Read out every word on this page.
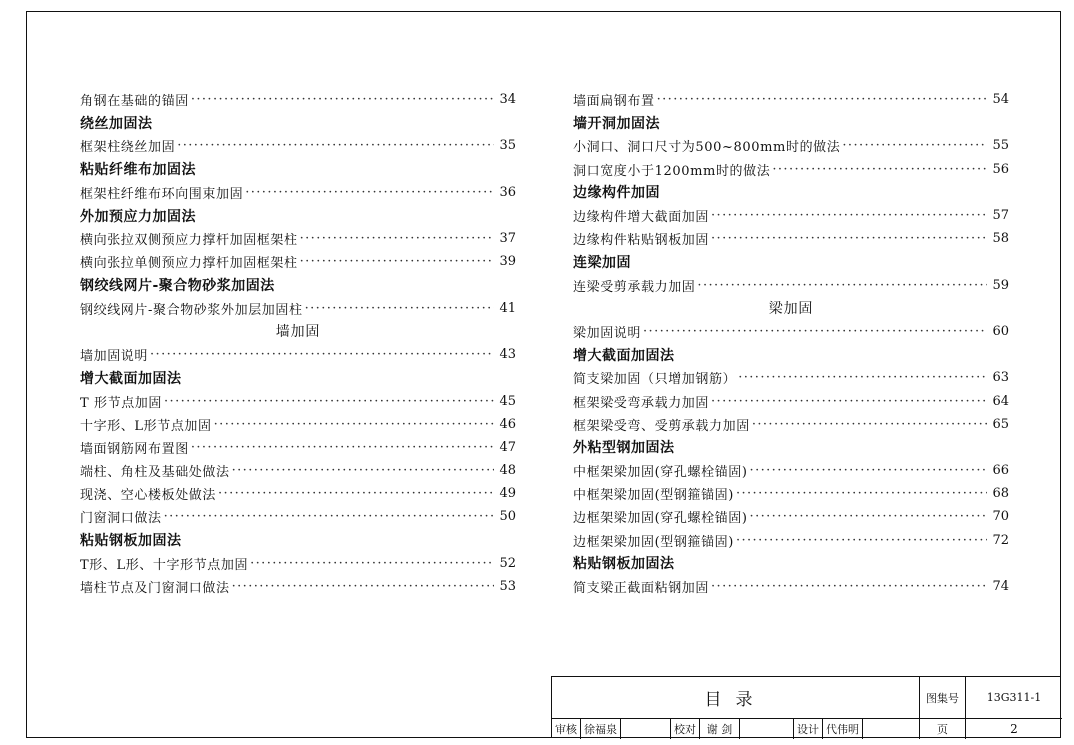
角钢在基础的锚固 ·····	34
绕丝加固法
框架柱绕丝加固 ·····	35
粘贴纤维布加固法
框架柱纤维布环向围束加固 ·····	36
外加预应力加固法
横向张拉双侧预应力撑杆加固框架柱 ·····	37
横向张拉单侧预应力撑杆加固框架柱 ·····	39
钢绞线网片-聚合物砂浆加固法
钢绞线网片-聚合物砂浆外加层加固柱 ·····	41
墙加固
墙加固说明 ·····	43
增大截面加固法
T 形节点加固 ·····	45
十字形、L形节点加固 ·····	46
墙面钢筋网布置图 ·····	47
端柱、角柱及基础处做法 ·····	48
现浇、空心楼板处做法 ·····	49
门窗洞口做法 ·····	50
粘贴钢板加固法
T形、L形、十字形节点加固 ·····	52
墙柱节点及门窗洞口做法 ·····	53
墙面扁钢布置 ·····	54
墙开洞加固法
小洞口、洞口尺寸为500~800mm时的做法 ·····	55
洞口宽度小于1200mm时的做法 ·····	56
边缘构件加固
边缘构件增大截面加固 ·····	57
边缘构件粘贴钢板加固 ·····	58
连梁加固
连梁受剪承载力加固 ·····	59
梁加固
梁加固说明 ·····	60
增大截面加固法
简支梁加固（只增加钢筋） ·····	63
框架梁受弯承载力加固 ·····	64
框架梁受弯、受剪承载力加固 ·····	65
外粘型钢加固法
中框架梁加固(穿孔螺栓锚固) ·····	66
中框架梁加固(型钢箍锚固) ·····	68
边框架梁加固(穿孔螺栓锚固) ·····	70
边框架梁加固(型钢箍锚固) ·····	72
粘贴钢板加固法
简支梁正截面粘钢加固 ·····	74
目录	图集号	13G311-1
审核 徐福泉	校对 谢 剑	设计 代伟明	页	2
